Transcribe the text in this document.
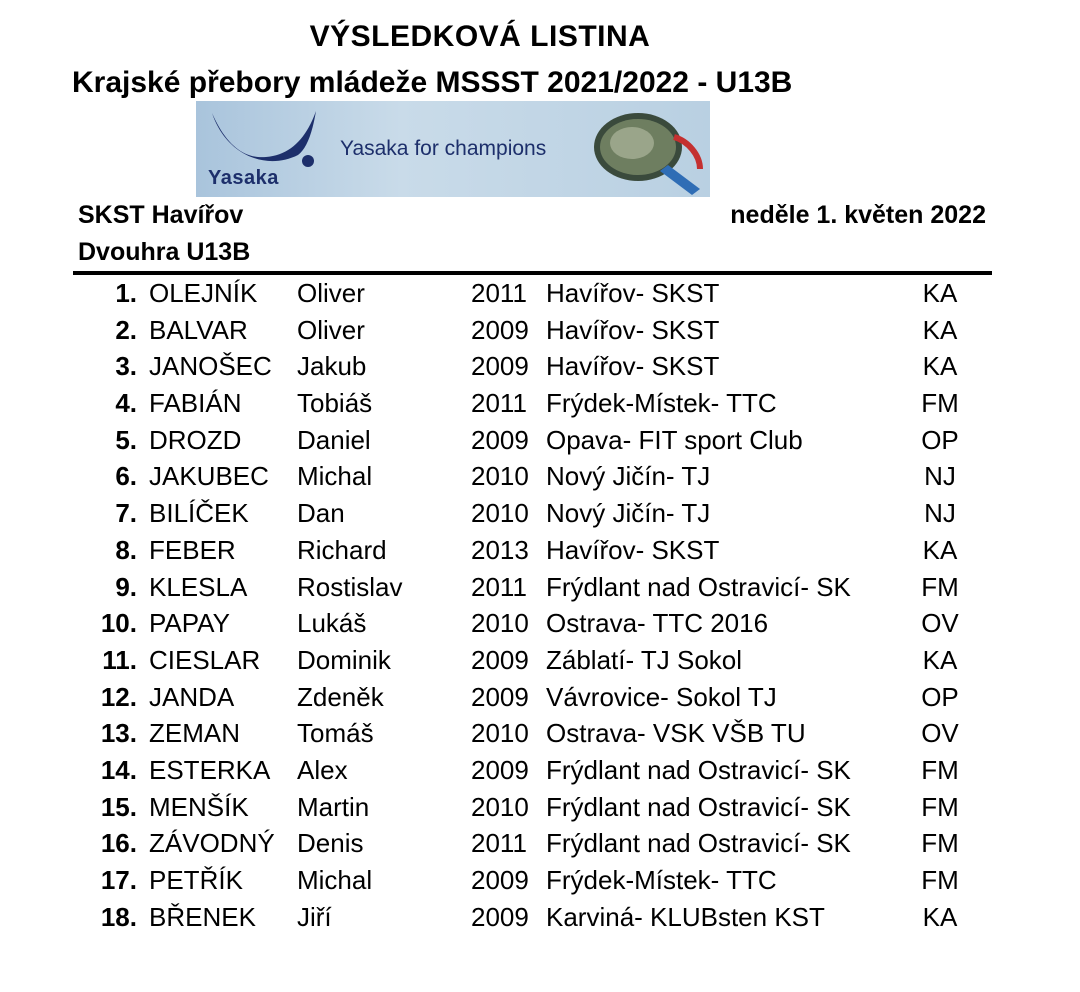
VÝSLEDKOVÁ LISTINA
Krajské přebory mládeže MSSST 2021/2022 - U13B
Yasaka
Yasaka for champions
SKST Havířov
Dvouhra U13B
neděle 1. květen 2022
1. OLEJNÍK Oliver	2011 Havířov- SKST	KA
2. BALVAR Oliver	2009 Havířov- SKST	KA
3. JANOŠEC Jakub	2009 Havířov- SKST	KA
4. FABIÁN Tobiáš	2011 Frýdek-Místek- TTC	FM
5. DROZD Daniel	2009 Opava- FIT sport Club	OP
6. JAKUBEC Michal	2010 Nový Jičín- TJ	NJ
7. BILÍČEK Dan	2010 Nový Jičín- TJ	NJ
8. FEBER Richard	2013 Havířov- SKST	KA
9. KLESLA Rostislav	2011 Frýdlant nad Ostravicí- SK	FM
10. PAPAY	Lukáš	2010 Ostrava- TTC 2016	OV
11. CIESLAR Dominik	2009 Záblatí- TJ Sokol	KA
12. JANDA Zdeněk	2009 Vávrovice- Sokol TJ	OP
13. ZEMAN Tomáš	2010 Ostrava- VSK VŠB TU	OV
14. ESTERKA Alex	2009 Frýdlant nad Ostravicí- SK	FM
15. MENŠÍK Martin	2010 Frýdlant nad Ostravicí- SK	FM
16. ZÁVODNÝ Denis	2011 Frýdlant nad Ostravicí- SK	FM
17. PETŘÍK Michal	2009 Frýdek-Místek- TTC	FM
18. BŘENEK Jiří	2009 Karviná- KLUBsten KST	KA
